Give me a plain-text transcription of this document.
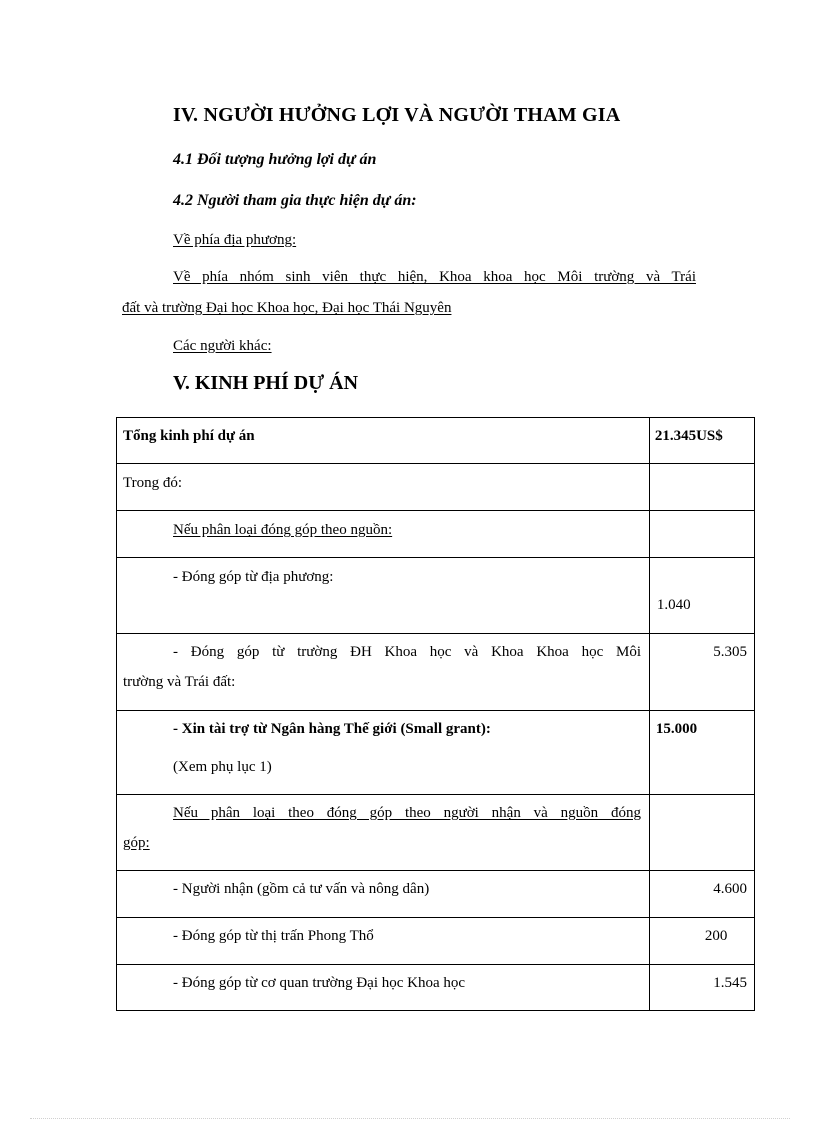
IV. NGƯỜI HƯỞNG LỢI VÀ NGƯỜI THAM GIA
4.1 Đối tượng hưởng lợi dự án
4.2 Người tham gia thực hiện dự án:
Về phía địa phương:
Về phía nhóm sinh viên thực hiện, Khoa khoa học Môi trường và Trái
đất và trường Đại học Khoa học, Đại học Thái Nguyên
Các người khác:
V. KINH PHÍ DỰ ÁN
Tổng kinh phí dự án	21.345US$

Trong đó:	

Nếu phân loại đóng góp theo nguồn:	

- Đóng góp từ địa phương:	1.040

- Đóng góp từ trường ĐH Khoa học và Khoa Khoa học Môi
trường và Trái đất:	5.305

- Xin tài trợ từ Ngân hàng Thế giới (Small grant):
(Xem phụ lục 1)	15.000

Nếu phân loại theo đóng góp theo người nhận và nguồn đóng
góp:	

- Người nhận (gồm cả tư vấn và nông dân)	4.600

- Đóng góp từ thị trấn Phong Thổ	200

- Đóng góp từ cơ quan trường Đại học Khoa học	1.545
